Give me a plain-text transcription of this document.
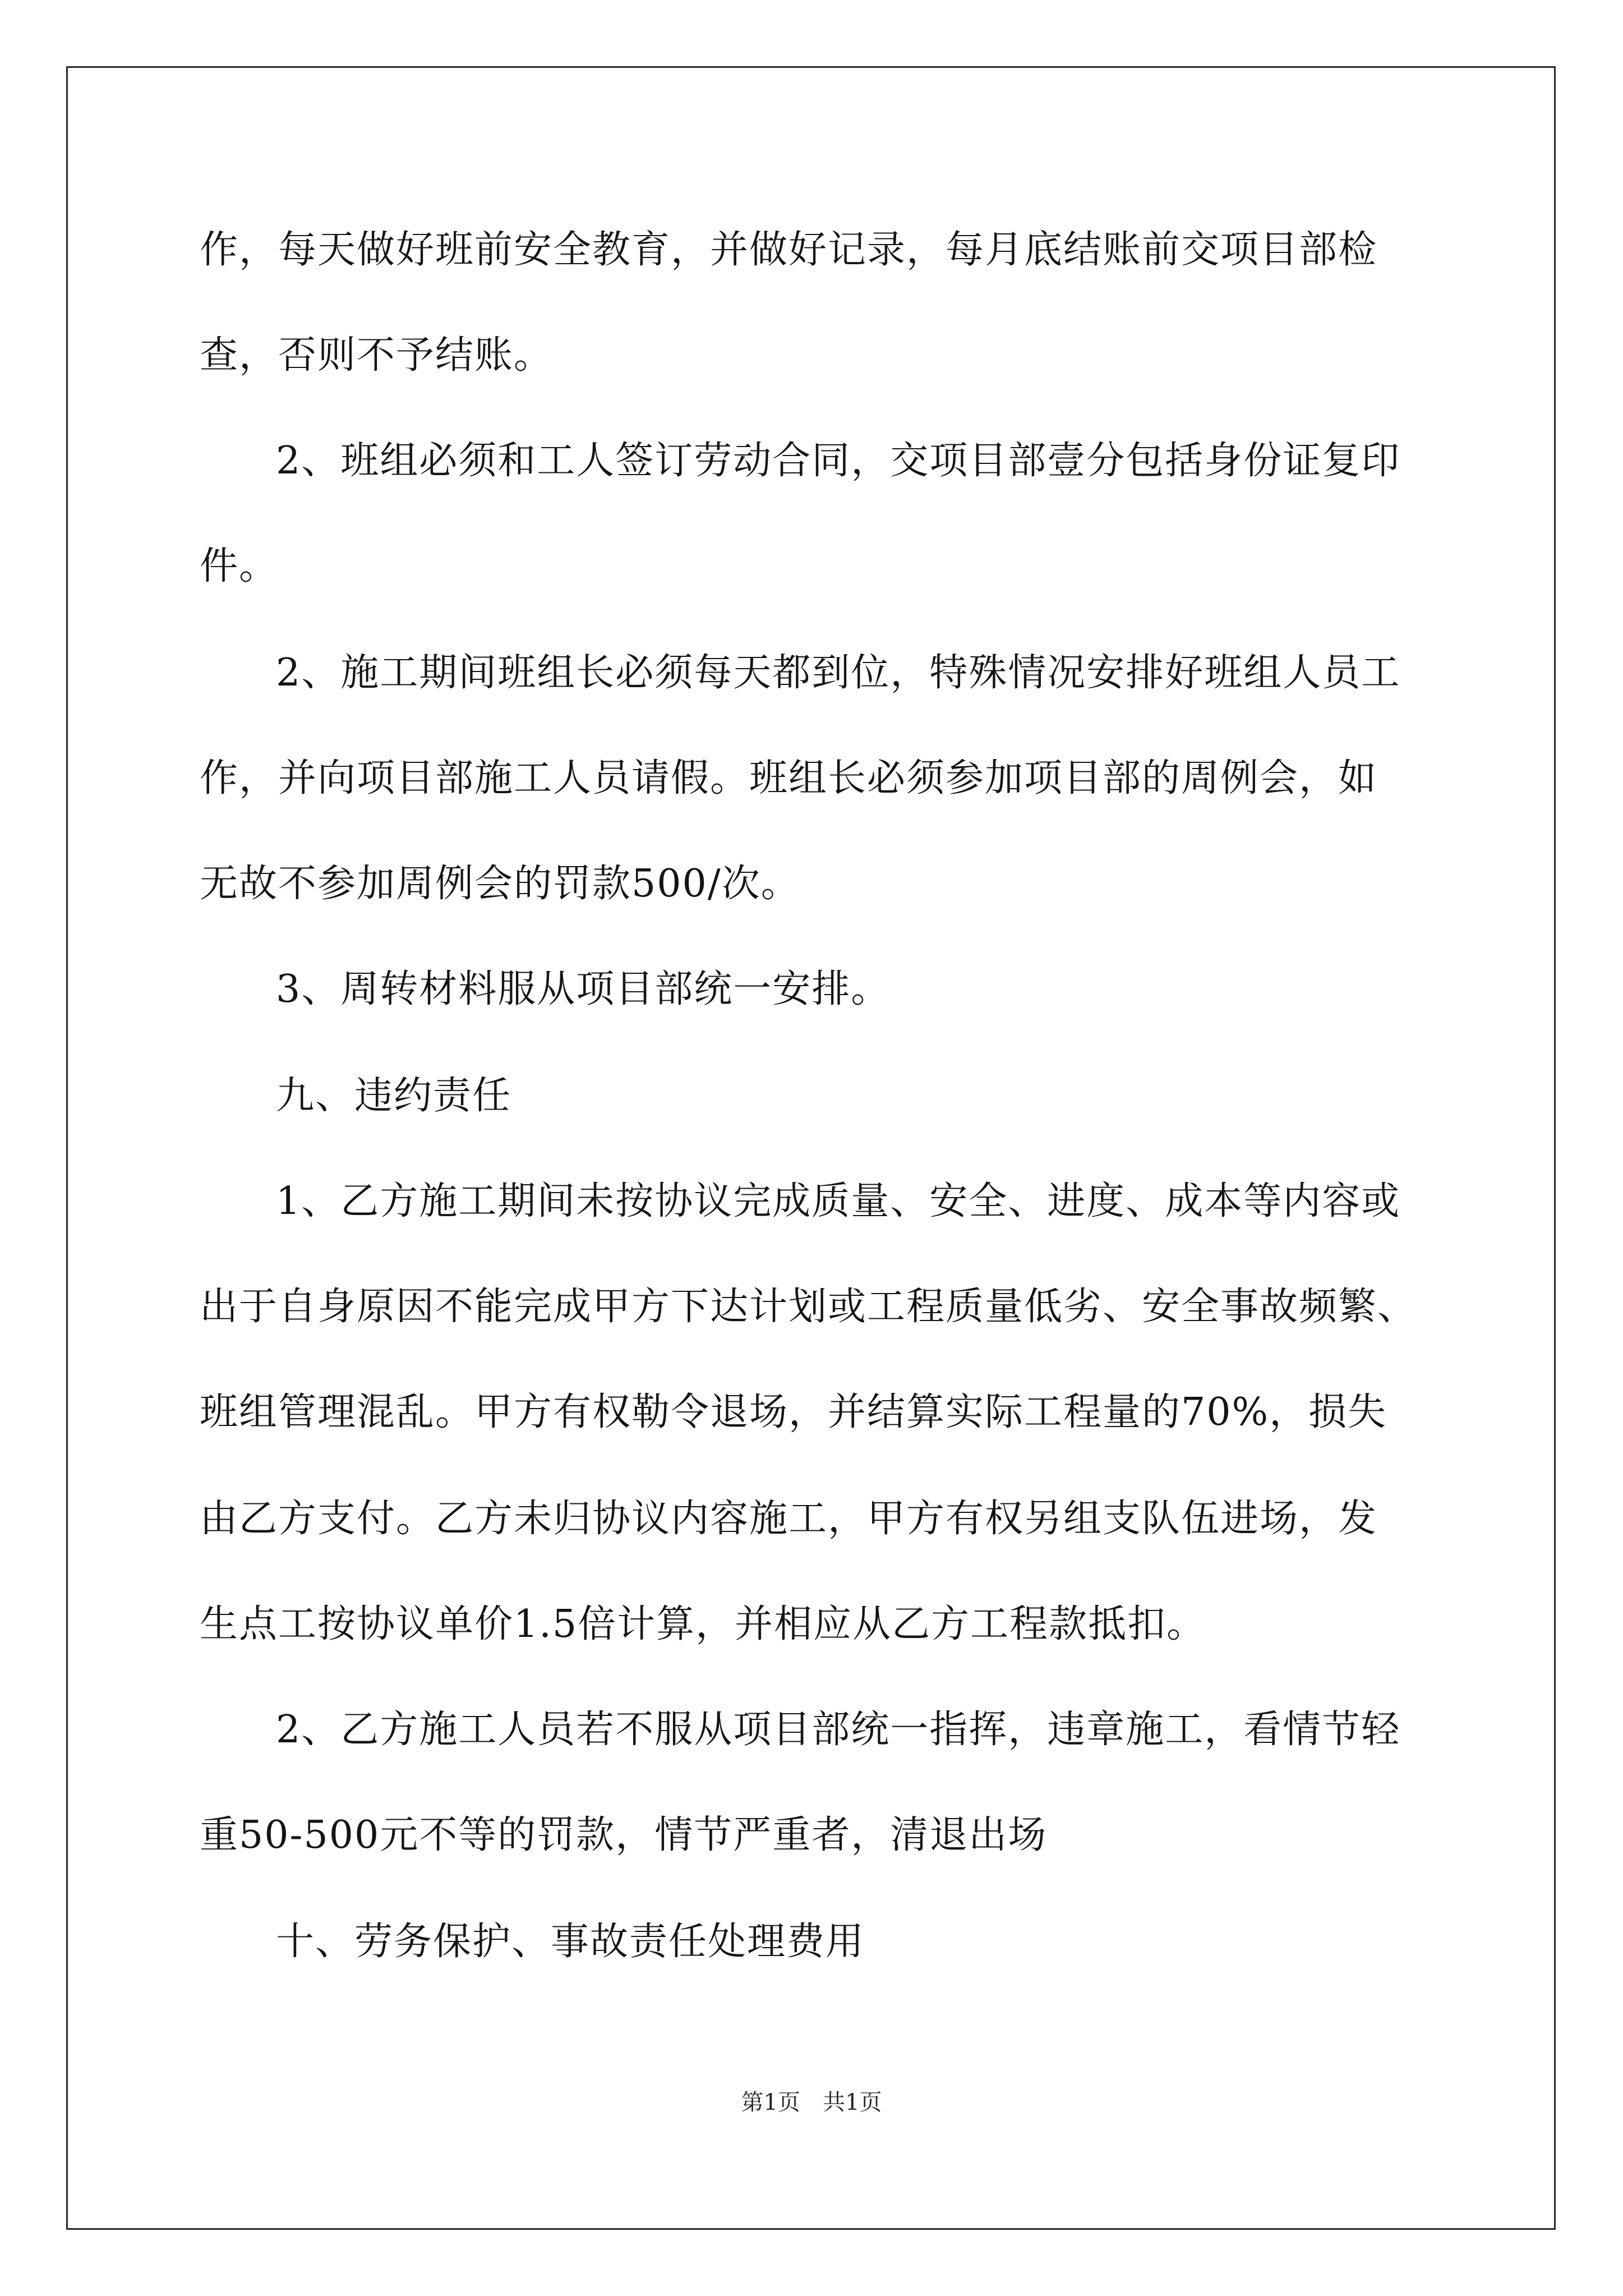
作，每天做好班前安全教育，并做好记录，每月底结账前交项目部检
查，否则不予结账。
2、班组必须和工人签订劳动合同，交项目部壹分包括身份证复印
件。
2、施工期间班组长必须每天都到位，特殊情况安排好班组人员工
作，并向项目部施工人员请假。班组长必须参加项目部的周例会，如
无故不参加周例会的罚款500/次。
3、周转材料服从项目部统一安排。
九、违约责任
1、乙方施工期间未按协议完成质量、安全、进度、成本等内容或
出于自身原因不能完成甲方下达计划或工程质量低劣、安全事故频繁、
班组管理混乱。甲方有权勒令退场，并结算实际工程量的70%，损失
由乙方支付。乙方未归协议内容施工，甲方有权另组支队伍进场，发
生点工按协议单价1.5倍计算，并相应从乙方工程款抵扣。
2、乙方施工人员若不服从项目部统一指挥，违章施工，看情节轻
重50-500元不等的罚款，情节严重者，清退出场
十、劳务保护、事故责任处理费用
第1页　共1页
